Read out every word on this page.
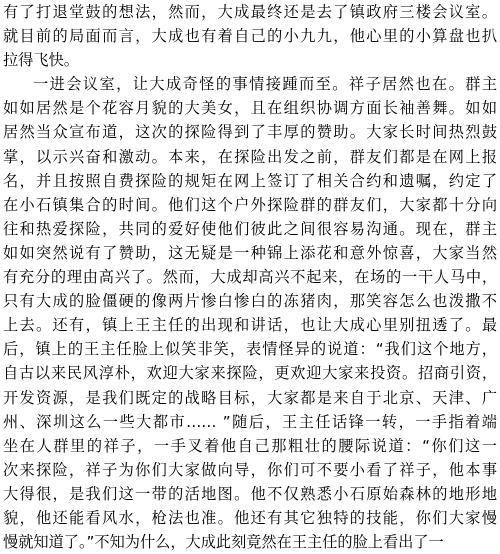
有了打退堂鼓的想法，然而，大成最终还是去了镇政府三楼会议室。
就目前的局面而言，大成也有着自己的小九九，他心里的小算盘也扒
拉得飞快。
一进会议室，让大成奇怪的事情接踵而至。祥子居然也在。群主
如如居然是个花容月貌的大美女，且在组织协调方面长袖善舞。如如
居然当众宣布道，这次的探险得到了丰厚的赞助。大家长时间热烈鼓
掌，以示兴奋和激动。本来，在探险出发之前，群友们都是在网上报
名，并且按照自费探险的规矩在网上签订了相关合约和遗嘱，约定了
在小石镇集合的时间。他们这个户外探险群的群友们，大家都十分向
往和热爱探险，共同的爱好使他们彼此之间很容易沟通。现在，群主
如如突然说有了赞助，这无疑是一种锦上添花和意外惊喜，大家当然
有充分的理由高兴了。然而，大成却高兴不起来，在场的一干人马中，
只有大成的脸僵硬的像两片惨白惨白的冻猪肉，那笑容怎么也泼撒不
上去。还有，镇上王主任的出现和讲话，也让大成心里别扭透了。最
后，镇上的王主任脸上似笑非笑，表情怪异的说道：“我们这个地方，
自古以来民风淳朴，欢迎大家来探险，更欢迎大家来投资。招商引资，
开发资源，是我们既定的战略目标，大家都是来自于北京、天津、广
州、深圳这么一些大都市…… ”随后，王主任话锋一转，一手指着端
坐在人群里的祥子，一手叉着他自己那粗壮的腰际说道：“你们这一
次来探险，祥子为你们大家做向导，你们可不要小看了祥子，他本事
大得很，是我们这一带的活地图。他不仅熟悉小石原始森林的地形地
貌，他还能看风水，枪法也准。他还有其它独特的技能，你们大家慢
慢就知道了。”不知为什么，大成此刻竟然在王主任的脸上看出了一
